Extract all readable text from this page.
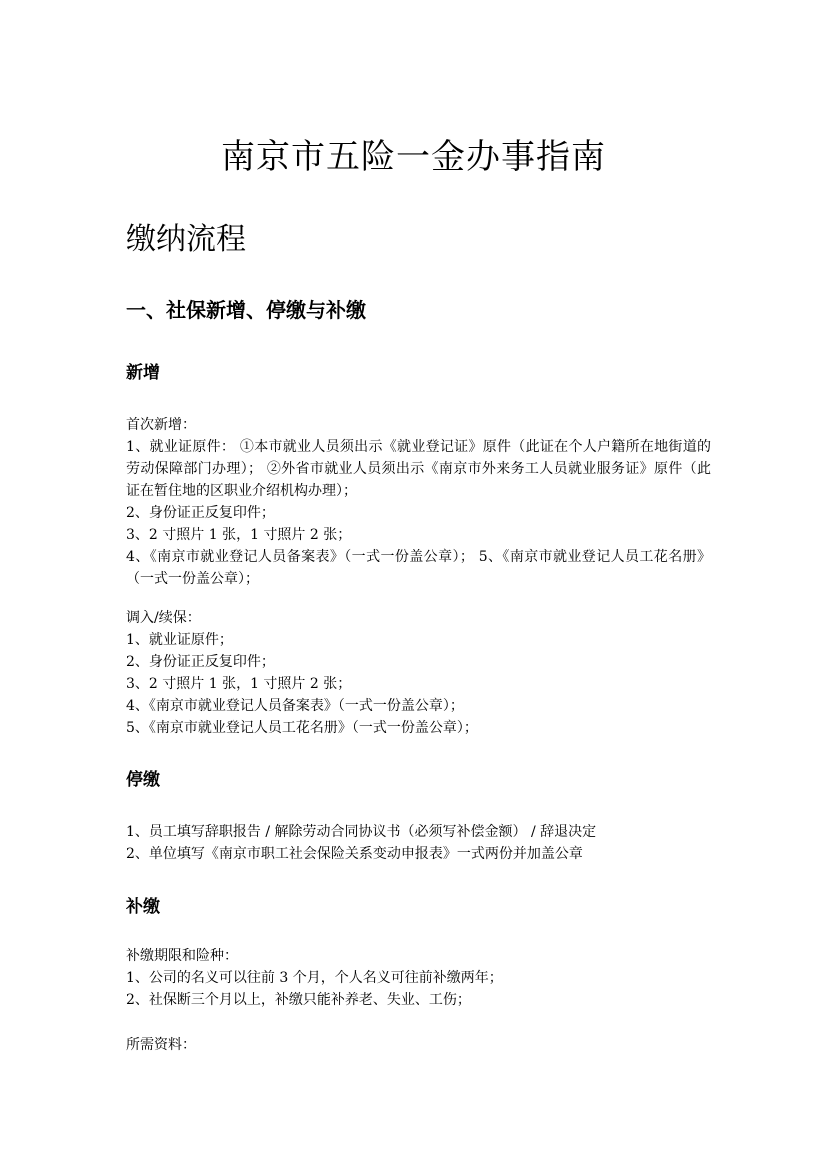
南京市五险一金办事指南
缴纳流程
一、社保新增、停缴与补缴
新增
首次新增：
1、就业证原件： ①本市就业人员须出示《就业登记证》原件（此证在个人户籍所在地街道的劳动保障部门办理）； ②外省市就业人员须出示《南京市外来务工人员就业服务证》原件（此证在暂住地的区职业介绍机构办理）；
2、身份证正反复印件；
3、2 寸照片 1 张，1 寸照片 2 张；
4、《南京市就业登记人员备案表》（一式一份盖公章）； 5、《南京市就业登记人员工花名册》（一式一份盖公章）；
调入/续保：
1、就业证原件；
2、身份证正反复印件；
3、2 寸照片 1 张，1 寸照片 2 张；
4、《南京市就业登记人员备案表》（一式一份盖公章）；
5、《南京市就业登记人员工花名册》（一式一份盖公章）；
停缴
1、员工填写辞职报告 / 解除劳动合同协议书（必须写补偿金额） / 辞退决定
2、单位填写《南京市职工社会保险关系变动申报表》一式两份并加盖公章
补缴
补缴期限和险种：
1、公司的名义可以往前 3 个月，个人名义可往前补缴两年；
2、社保断三个月以上，补缴只能补养老、失业、工伤；
所需资料：
